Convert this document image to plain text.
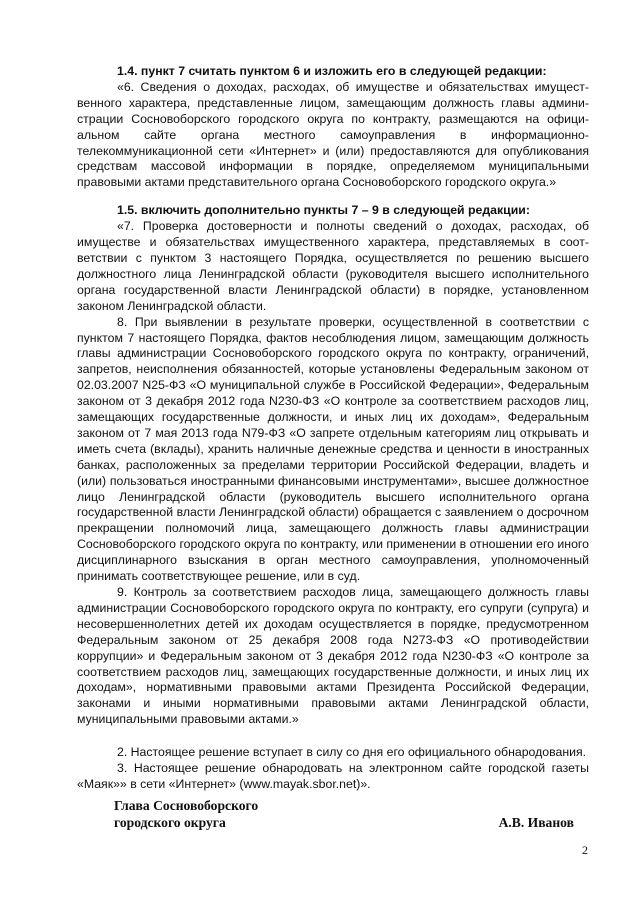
1.4. пункт 7 считать пунктом 6 и изложить его в следующей редакции:

«6. Сведения о доходах, расходах, об имуществе и обязательствах имущественного характера, представленные лицом, замещающим должность главы администрации Сосновоборского городского округа по контракту, размещаются на официальном сайте органа местного самоуправления в информационно-телекоммуникационной сети «Интернет» и (или) предоставляются для опубликования средствам массовой информации в порядке, определяемом муниципальными правовыми актами представительного органа Сосновоборского городского округа.»

1.5. включить дополнительно пункты 7 – 9 в следующей редакции:

«7. Проверка достоверности и полноты сведений о доходах, расходах, об имуществе и обязательствах имущественного характера, представляемых в соответствии с пунктом 3 настоящего Порядка, осуществляется по решению высшего должностного лица Ленинградской области (руководителя высшего исполнительного органа государственной власти Ленинградской области) в порядке, установленном законом Ленинградской области.

8. При выявлении в результате проверки, осуществленной в соответствии с пунктом 7 настоящего Порядка, фактов несоблюдения лицом, замещающим должность главы администрации Сосновоборского городского округа по контракту, ограничений, запретов, неисполнения обязанностей, которые установлены Федеральным законом от 02.03.2007 N25-ФЗ «О муниципальной службе в Российской Федерации», Федеральным законом от 3 декабря 2012 года N230-ФЗ «О контроле за соответствием расходов лиц, замещающих государственные должности, и иных лиц их доходам», Федеральным законом от 7 мая 2013 года N79-ФЗ «О запрете отдельным категориям лиц открывать и иметь счета (вклады), хранить наличные денежные средства и ценности в иностранных банках, расположенных за пределами территории Российской Федерации, владеть и (или) пользоваться иностранными финансовыми инструментами», высшее должностное лицо Ленинградской области (руководитель высшего исполнительного органа государственной власти Ленинградской области) обращается с заявлением о досрочном прекращении полномочий лица, замещающего должность главы администрации Сосновоборского городского округа по контракту, или применении в отношении его иного дисциплинарного взыскания в орган местного самоуправления, уполномоченный принимать соответствующее решение, или в суд.

9. Контроль за соответствием расходов лица, замещающего должность главы администрации Сосновоборского городского округа по контракту, его супруги (супруга) и несовершеннолетних детей их доходам осуществляется в порядке, предусмотренном Федеральным законом от 25 декабря 2008 года N273-ФЗ «О противодействии коррупции» и Федеральным законом от 3 декабря 2012 года N230-ФЗ «О контроле за соответствием расходов лиц, замещающих государственные должности, и иных лиц их доходам», нормативными правовыми актами Президента Российской Федерации, законами и иными нормативными правовыми актами Ленинградской области, муниципальными правовыми актами.»

2. Настоящее решение вступает в силу со дня его официального обнародования.

3. Настоящее решение обнародовать на электронном сайте городской газеты «Маяк»» в сети «Интернет» (www.mayak.sbor.net)».

Глава Сосновоборского
городского округа	А.В. Иванов
2
